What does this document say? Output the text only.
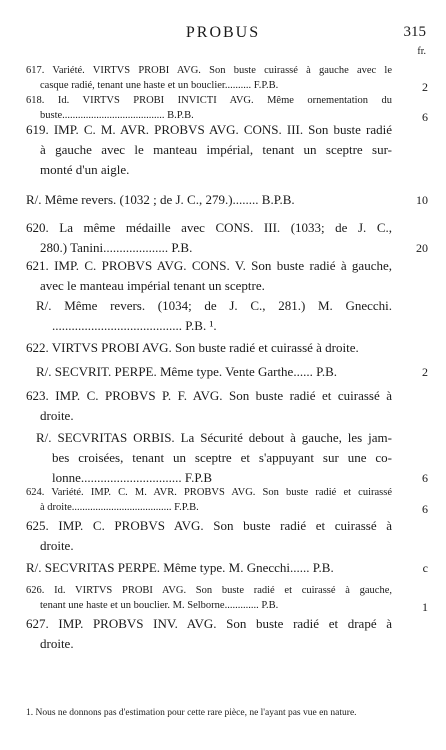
PROBUS	315
fr.
617. Variété. VIRTVS PROBI AVG. Son buste cuirassé à gauche avec le
casque radié, tenant une haste et un bouclier.......... F.P.B.	2
618. Id. VIRTVS PROBI INVICTI AVG. Même ornementation du
buste....................................... B.P.B.	6
619. IMP. C. M. AVR. PROBVS AVG. CONS. III. Son buste radié
à gauche avec le manteau impérial, tenant un sceptre sur-
monté d'un aigle.
R/. Même revers. (1032 ; de J. C., 279.)........ B.P.B.	10
620. La même médaille avec CONS. III. (1033; de J. C.,
280.) Tanini.................... P.B.	20
621. IMP. C. PROBVS AVG. CONS. V. Son buste radié à gauche,
avec le manteau impérial tenant un sceptre.
R/. Même revers. (1034; de J. C., 281.) M. Gnecchi.
........................................ P.B. ¹.
622. VIRTVS PROBI AVG. Son buste radié et cuirassé à droite.
R/. SECVRIT. PERPE. Même type. Vente Garthe...... P.B.	2
623. IMP. C. PROBVS P. F. AVG. Son buste radié et cuirassé à
droite.
R/. SECVRITAS ORBIS. La Sécurité debout à gauche, les jam-
bes croisées, tenant un sceptre et s'appuyant sur une co-
lonne............................... F.P.B	6
624. Variété. IMP. C. M. AVR. PROBVS AVG. Son buste radié et cuirassé
à droite...................................... F.P.B.	6
625. IMP. C. PROBVS AVG. Son buste radié et cuirassé à
droite.
R/. SECVRITAS PERPE. Même type. M. Gnecchi...... P.B.	c
626. Id. VIRTVS PROBI AVG. Son buste radié et cuirassé à gauche,
tenant une haste et un bouclier. M. Selborne............. P.B.	1
627. IMP. PROBVS INV. AVG. Son buste radié et drapé à
droite.
1. Nous ne donnons pas d'estimation pour cette rare pièce, ne l'ayant pas vue en nature.
